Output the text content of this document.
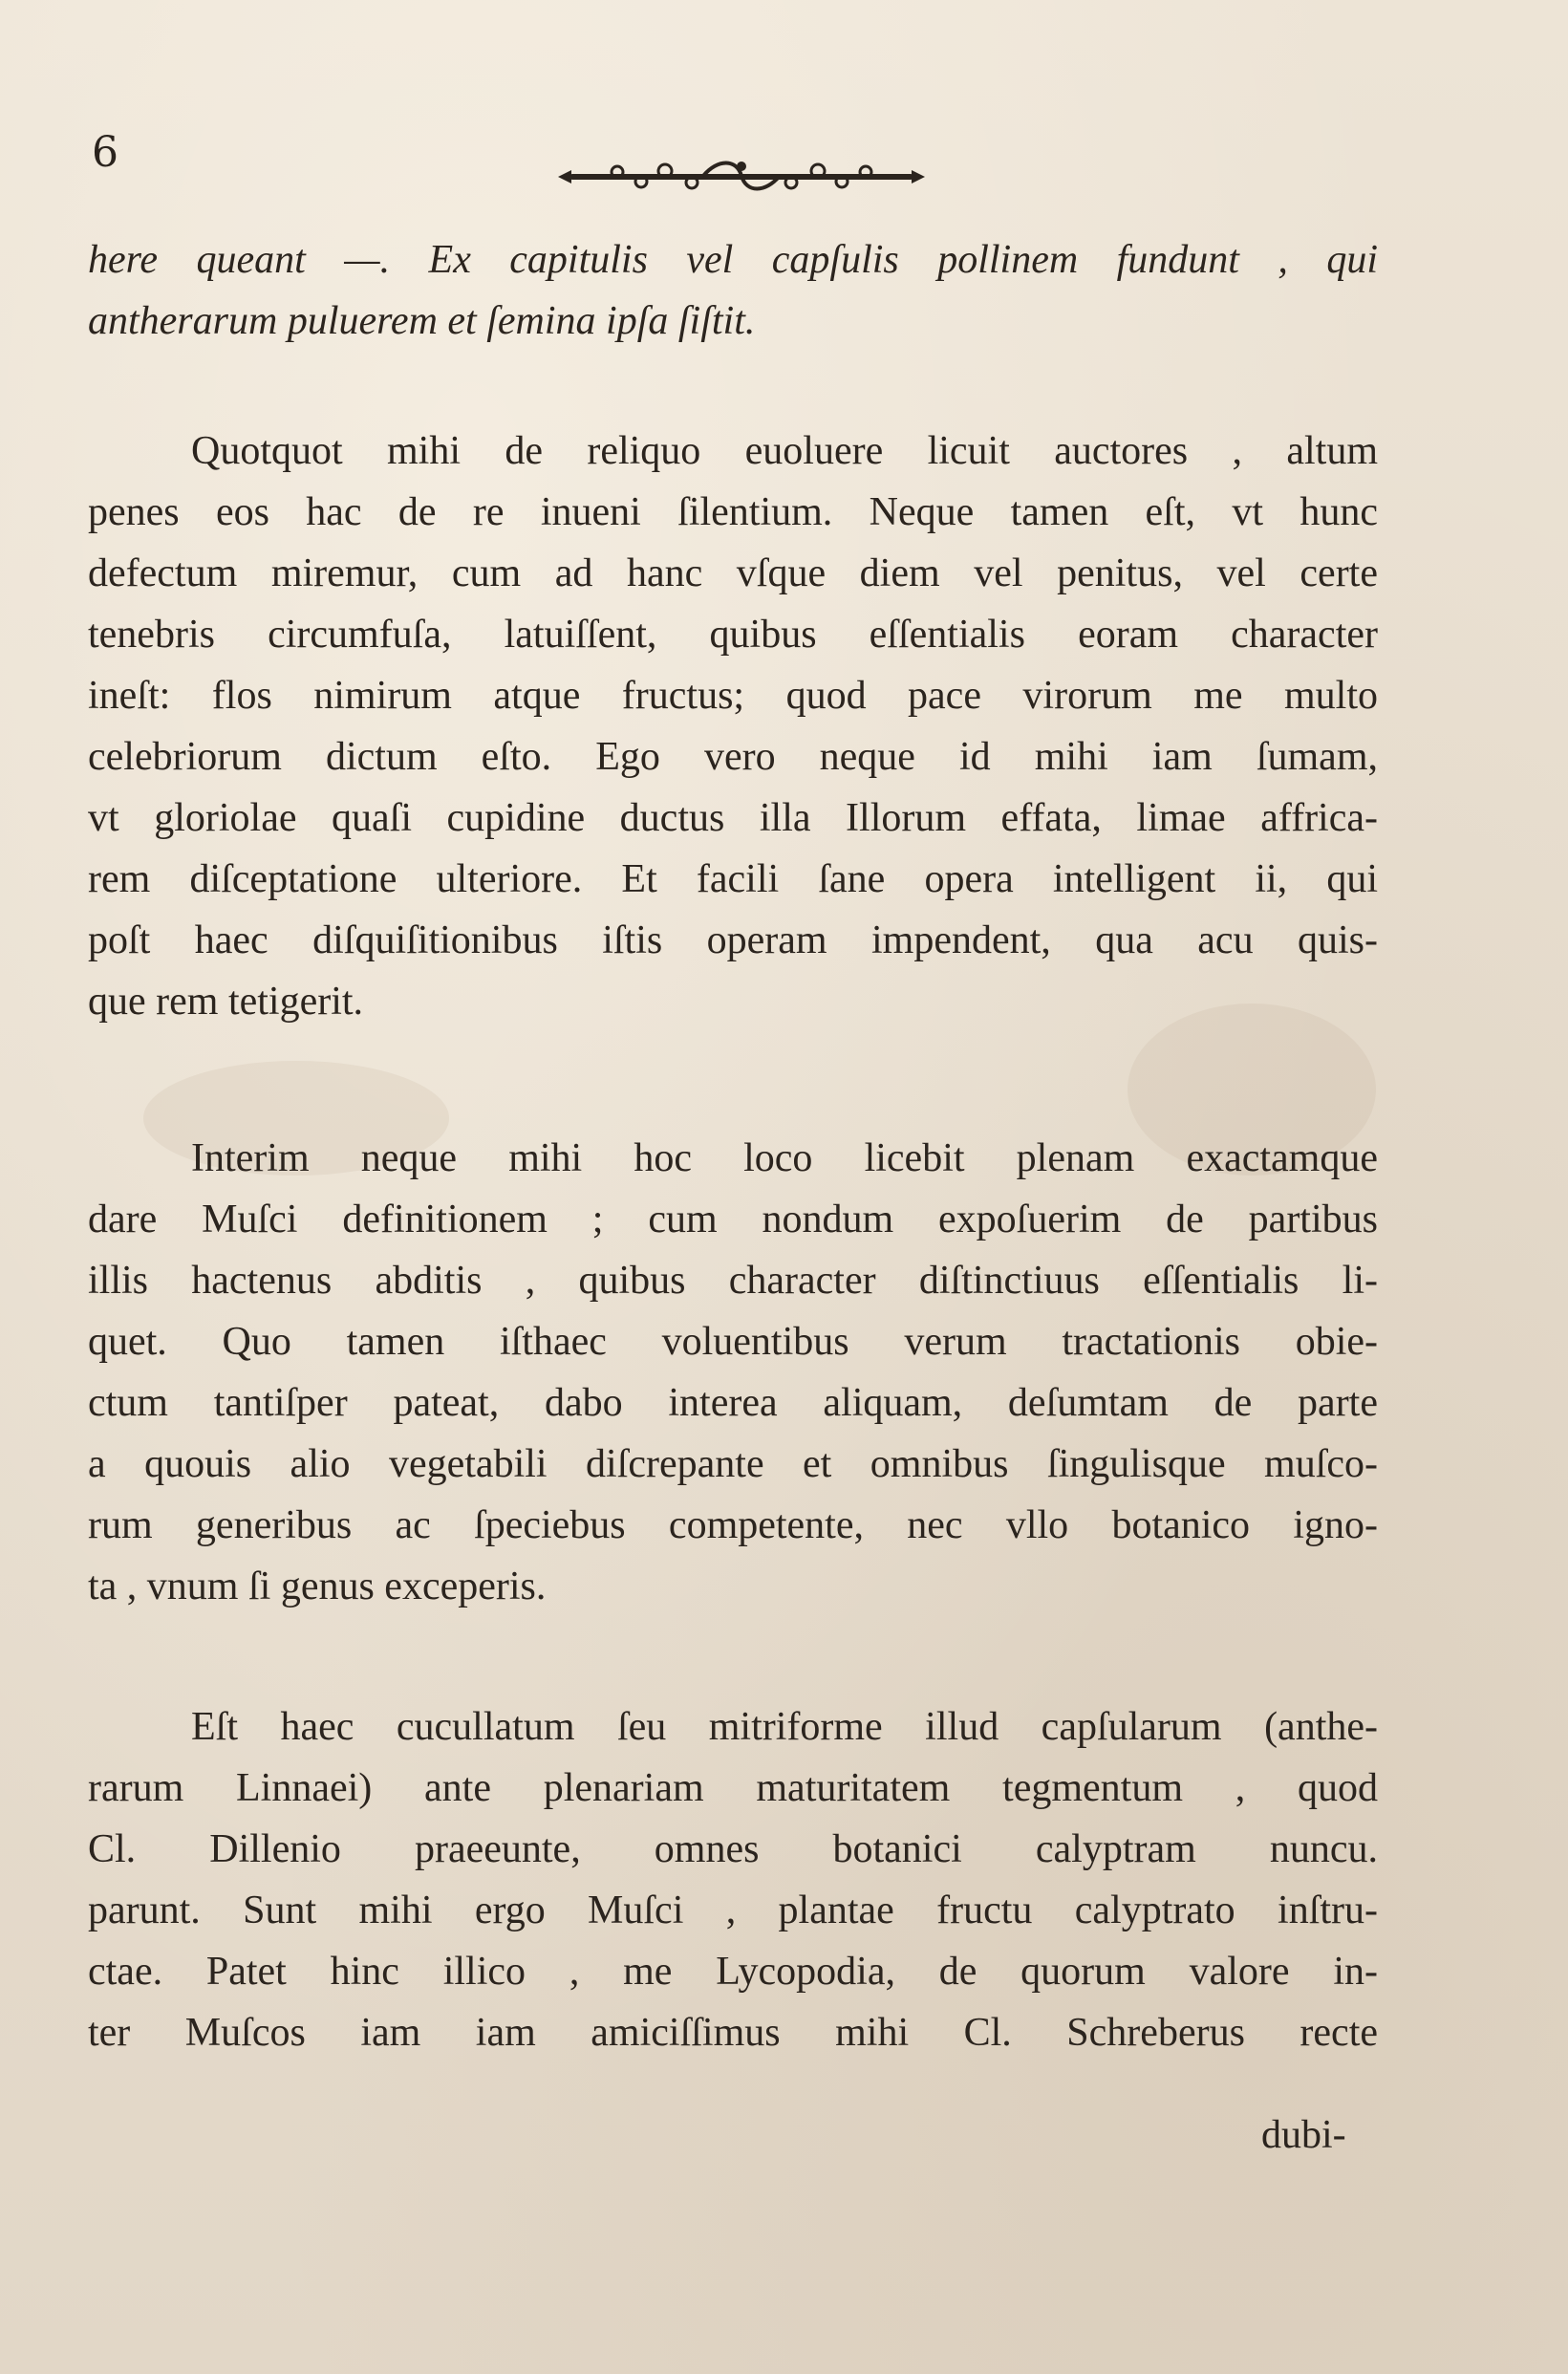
6

here queant —. Ex capitulis vel capſulis pollinem fundunt , qui
antherarum puluerem et ſemina ipſa ſiſtit.

Quotquot mihi de reliquo euoluere licuit auctores , altum
penes eos hac de re inueni ſilentium. Neque tamen eſt, vt hunc
defectum miremur, cum ad hanc vſque diem vel penitus, vel certe
tenebris circumfuſa, latuiſſent, quibus eſſentialis eoram character
ineſt: flos nimirum atque fructus; quod pace virorum me multo
celebriorum dictum eſto. Ego vero neque id mihi iam ſumam,
vt gloriolae quaſi cupidine ductus illa Illorum effata, limae affrica-
rem diſceptatione ulteriore. Et facili ſane opera intelligent ii, qui
poſt haec diſquiſitionibus iſtis operam impendent, qua acu quis-
que rem tetigerit.

Interim neque mihi hoc loco licebit plenam exactamque
dare Muſci definitionem ; cum nondum expoſuerim de partibus
illis hactenus abditis , quibus character diſtinctiuus eſſentialis li-
quet. Quo tamen iſthaec voluentibus verum tractationis obie-
ctum tantiſper pateat, dabo interea aliquam, deſumtam de parte
a quouis alio vegetabili diſcrepante et omnibus ſingulisque muſco-
rum generibus ac ſpeciebus competente, nec vllo botanico igno-
ta , vnum ſi genus exceperis.

Eſt haec cucullatum ſeu mitriforme illud capſularum (anthe-
rarum Linnaei) ante plenariam maturitatem tegmentum , quod
Cl. Dillenio praeeunte, omnes botanici calyptram nuncu.
parunt. Sunt mihi ergo Muſci , plantae fructu calyptrato inſtru-
ctae. Patet hinc illico , me Lycopodia, de quorum valore in-
ter Muſcos iam iam amiciſſimus mihi Cl. Schreberus recte

dubi-
